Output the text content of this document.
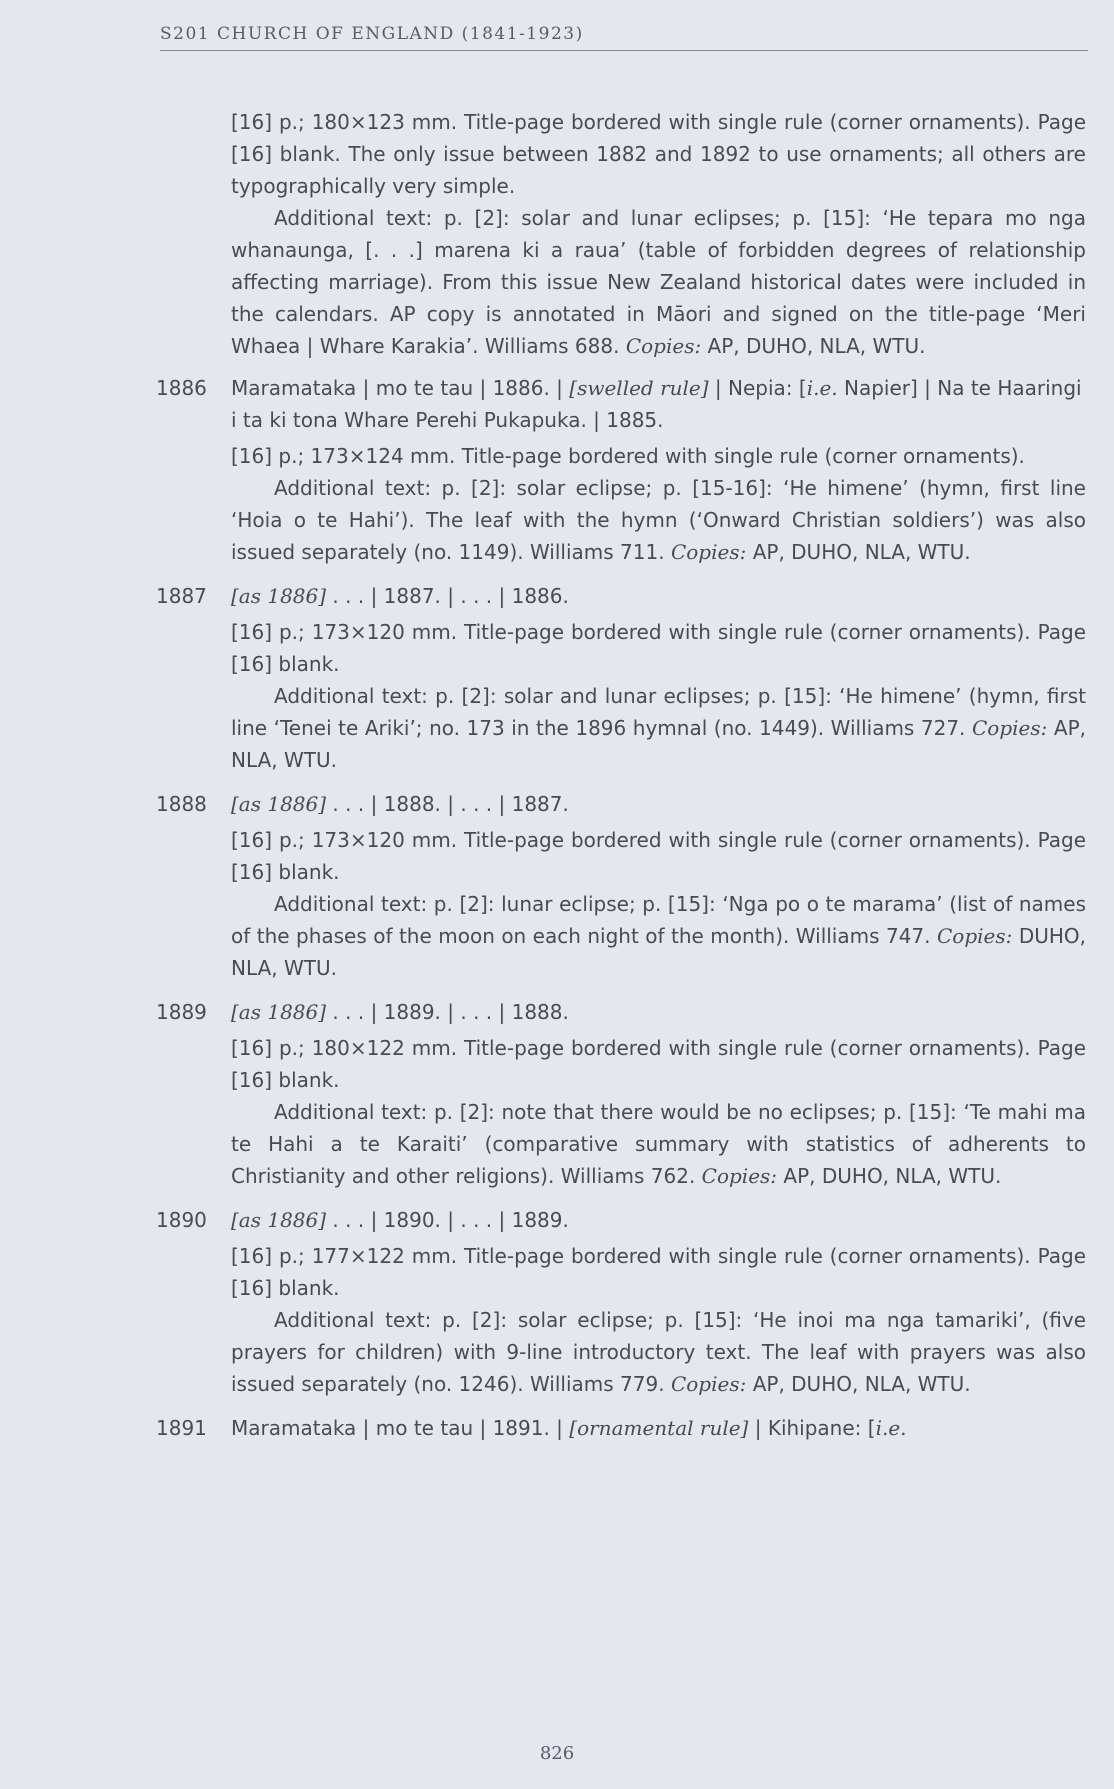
S201 CHURCH OF ENGLAND (1841-1923)

[16] p.; 180×123 mm. Title-page bordered with single rule (corner ornaments). Page [16] blank. The only issue between 1882 and 1892 to use ornaments; all others are typographically very simple.

Additional text: p. [2]: solar and lunar eclipses; p. [15]: ‘He tepara mo nga whanaunga, [. . .] marena ki a raua’ (table of forbidden degrees of relationship affecting marriage). From this issue New Zealand historical dates were included in the calendars. AP copy is annotated in Māori and signed on the title-page ‘Meri Whaea | Whare Karakia’. Williams 688. Copies: AP, DUHO, NLA, WTU.

1886	Maramataka | mo te tau | 1886. | [swelled rule] | Nepia: [i.e. Napier] | Na te Haaringi i ta ki tona Whare Perehi Pukapuka. | 1885.

[16] p.; 173×124 mm. Title-page bordered with single rule (corner ornaments).

Additional text: p. [2]: solar eclipse; p. [15-16]: ‘He himene’ (hymn, first line ‘Hoia o te Hahi’). The leaf with the hymn (‘Onward Christian soldiers’) was also issued separately (no. 1149). Williams 711. Copies: AP, DUHO, NLA, WTU.

1887	[as 1886] . . . | 1887. | . . . | 1886.

[16] p.; 173×120 mm. Title-page bordered with single rule (corner ornaments). Page [16] blank.

Additional text: p. [2]: solar and lunar eclipses; p. [15]: ‘He himene’ (hymn, first line ‘Tenei te Ariki’; no. 173 in the 1896 hymnal (no. 1449). Williams 727. Copies: AP, NLA, WTU.

1888	[as 1886] . . . | 1888. | . . . | 1887.

[16] p.; 173×120 mm. Title-page bordered with single rule (corner ornaments). Page [16] blank.

Additional text: p. [2]: lunar eclipse; p. [15]: ‘Nga po o te marama’ (list of names of the phases of the moon on each night of the month). Williams 747. Copies: DUHO, NLA, WTU.

1889	[as 1886] . . . | 1889. | . . . | 1888.

[16] p.; 180×122 mm. Title-page bordered with single rule (corner ornaments). Page [16] blank.

Additional text: p. [2]: note that there would be no eclipses; p. [15]: ‘Te mahi ma te Hahi a te Karaiti’ (comparative summary with statistics of adherents to Christianity and other religions). Williams 762. Copies: AP, DUHO, NLA, WTU.

1890	[as 1886] . . . | 1890. | . . . | 1889.

[16] p.; 177×122 mm. Title-page bordered with single rule (corner ornaments). Page [16] blank.

Additional text: p. [2]: solar eclipse; p. [15]: ‘He inoi ma nga tamariki’, (five prayers for children) with 9-line introductory text. The leaf with prayers was also issued separately (no. 1246). Williams 779. Copies: AP, DUHO, NLA, WTU.

1891	Maramataka | mo te tau | 1891. | [ornamental rule] | Kihipane: [i.e.

826
